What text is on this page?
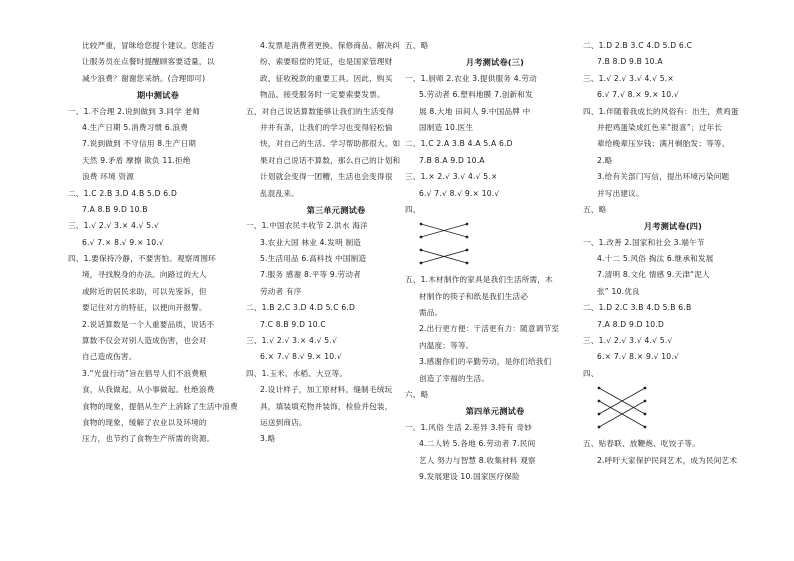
比较严重，冒昧给您提个建议。您能否
让服务员在点餐时提醒顾客要适量，以
减少浪费？谢谢您采纳。(合理即可)
期中测试卷
一、1.不合理 2.说到做到 3.同学 老师
4.生产日期 5.消费习惯 6.浪费
7.说到做到 不守信用 8.生产日期
天然 9.矛盾 摩擦 欺负 11.拒绝
浪费 环境 资源
二、1.C 2.B 3.D 4.B 5.D 6.D
7.A 8.B 9.D 10.B
三、1.√ 2.√ 3.× 4.√ 5.√
6.√ 7.× 8.√ 9.× 10.√
四、1.要保持冷静，不要害怕。观察周围环
境，寻找脱身的办法。向路过的大人
或附近的居民求助，可以先鉴诉，但
要记住对方的特征，以便向开报警。
2.说话算数是一个人重要品质，说话不
算数不仅会对别人造成伤害，也会对
自己造成伤害。
3.“光盘行动”旨在倡导人们不浪费粮
食，从我做起，从小事做起。杜绝浪费
食物的现象，提倡从生产上消除了生活中浪费
食物的现象，缓解了农业以及环境的
压力，也节约了食物生产所需的资源。
4.发票是消费者更换、保修商品、解决纠
纷、索要赔偿的凭证，也是国家管理财
政、征收税款的重要工具。因此，购买
物品、接受服务时一定要索要发票。
五、对自己说话算数能够让我们的生活变得
井井有条，让我们的学习也变得轻松愉
快，对自己的生活、学习帮助都很大。如
果对自己说话不算数，那么自己的计划和
计划就会变得一团糟，生活也会变得很
乱混乱来。
第三单元测试卷
一、1.中国农民丰收节 2.洪水 海洋
3.农业大国 林业 4.发明 制造
5.生活用品 6.高科技 中国制造
7.服务 感谢 8.平等 9.劳动者
劳动者 有序
二、1.B 2.C 3.D 4.D 5.C 6.D
7.C 8.B 9.D 10.C
三、1.√ 2.√ 3.× 4.√ 5.√
6.× 7.√ 8.√ 9.× 10.√
四、1.玉米、水稻、大豆等。
2.设计样子，加工原材料，缝制毛绒玩
具，填装填充物并装饰，检验并包装，
运送到商店。
3.略
五、略
月考测试卷(三)
一、1.厨师 2.农业 3.提供服务 4.劳动
5.劳动者 6.塑料地膜 7.创新和发
展 8.大地 田间人 9.中国品牌 中
国制造 10.医生
二、1.C 2.A 3.B 4.A 5.A 6.D
7.B 8.A 9.D 10.A
三、1.× 2.√ 3.√ 4.√ 5.×
6.√ 7.√ 8.√ 9.× 10.√
四、
五、1.木材制作的家具是我们生活所需，木
材制作的筷子和纸是我们生活必
需品。
2.出行更方便：干活更有力：随意调节室
内温度；等等。
3.感谢你们的辛勤劳动，是你们给我们
创造了幸福的生活。
六、略
第四单元测试卷
一、1.风俗 生活 2.差异 3.特有 奇妙
4.二人转 5.各地 6.劳动者 7.民间
艺人 努力与智慧 8.收集材料 观察
9.发展建设 10.国家医疗保险
二、1.D 2.B 3.C 4.D 5.D 6.C
7.B 8.D 9.B 10.A
三、1.√ 2.√ 3.√ 4.√ 5.×
6.√ 7.√ 8.× 9.× 10.√
四、1.伴随着我成长的风俗有：出生，煮鸡蛋
并把鸡蛋染成红色来“报喜”；过年长
辈给晚辈压岁钱；满月剃胎发；等等。
2.略
3.给有关部门写信，提出环境污染问题
并写出建议。
五、略
月考测试卷(四)
一、1.改善 2.国家和社会 3.端午节
4.十二 5.风俗 掏汰 6.继承和发展
7.清明 8.文化 情感 9.天津“泥人
张” 10.优良
二、1.D 2.C 3.B 4.D 5.B 6.B
7.A 8.D 9.D 10.D
三、1.√ 2.√ 3.√ 4.√ 5.√
6.× 7.√ 8.× 9.√ 10.√
四、
五、贴春联、放鞭炮、吃饺子等。
2.呼吁大家保护民间艺术，成为民间艺术
